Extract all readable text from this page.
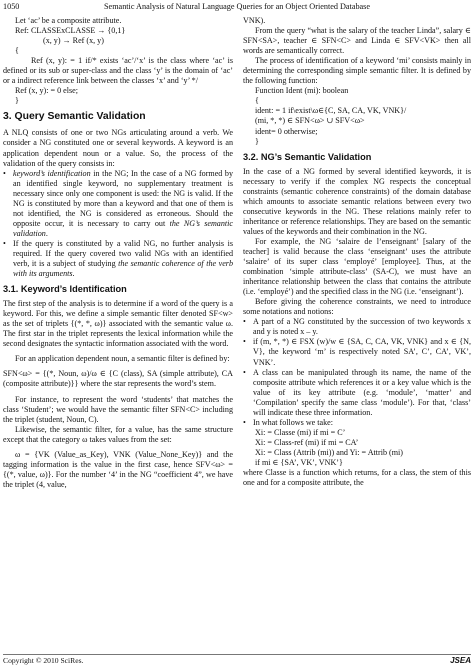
1050	Semantic Analysis of Natural Language Queries for an Object Oriented Database

Let ‘ac’ be a composite attribute.

Ref: CLASSExCLASSE → {0,1}

(x, y) → Ref (x, y)

{

Ref (x, y): = 1 if/* exists ‘ac’/‘x’ is the class where ‘ac’ is defined or its sub or super-class and the class ‘y’ is the domain of ‘ac’ or a indirect reference link between the classes ‘x’ and ‘y’ */

Ref (x, y): = 0 else;

}

3. Query Semantic Validation

A NLQ consists of one or two NGs articulating around a verb. We consider a NG constituted one or several keywords. A keyword is an application dependent noun or a value. So, the process of the validation of the query consists in:

• keyword’s identification in the NG; In the case of a NG formed by an identified single keyword, no supplementary treatment is necessary since only one component is used: the NG is valid. If the NG is constituted by more than a keyword and that one of them is not identified, the NG is considered as erroneous. Should the opposite occur, it is necessary to carry out the NG’s semantic validation.
• If the query is constituted by a valid NG, no further analysis is required. If the query covered two valid NGs with an identified verb, it is a subject of studying the semantic coherence of the verb with its arguments.
3.1. Keyword’s Identification

The first step of the analysis is to determine if a word of the query is a keyword. For this, we define a simple semantic filter denoted SF<w> as the set of triplets {(*, *, ω)} associated with the semantic value ω. The first star in the triplet represents the lexical information while the second designates the syntactic information associated with the word.

For an application dependent noun, a semantic filter is defined by:

SFN<ω> = {(*, Noun, ω)/ω ∈ {C (class), SA (simple attribute), CA (composite attribute)}} where the star represents the word’s stem.

For instance, to represent the word ‘students’ that matches the class ‘Student’; we would have the semantic filter SFN<C> including the triplet (student, Noun, C).

Likewise, the semantic filter, for a value, has the same structure except that the category ω takes values from the set:

ω = {VK (Value_as_Key), VNK (Value_None_Key)} and the tagging information is the value in the first case, hence SFV<ω> = {(*, value, ω)}. For the number ‘4’ in the NG “coefficient 4”, we have the triplet (4, value,

VNK).

From the query “what is the salary of the teacher Linda”, salary ∈ SFN<SA>, teacher ∈ SFN<C> and Linda ∈ SFV<VK> then all words are semantically correct.

The process of identification of a keyword ‘mi’ consists mainly in determining the corresponding simple semantic filter. It is defined by the following function:

Function Ident (mi): boolean

{

ident: = 1 if\exist\ω∈{C, SA, CA, VK, VNK}/

(mi, *, *) ∈ SFN<ω> ∪ SFV<ω>

ident= 0 otherwise;

}

3.2. NG’s Semantic Validation

In the case of a NG formed by several identified keywords, it is necessary to verify if the complex NG respects the conceptual constraints (semantic coherence constraints) of the domain database which amounts to associate semantic relations between every two consecutive keywords in the NG. These relations mainly refer to inheritance or reference relationships. They are based on the semantic values of the keywords and their combination in the NG.

For example, the NG ‘salaire de l’enseignant’ [salary of the teacher] is valid because the class ‘enseignant’ uses the attribute ‘salaire’ of its super class ‘employé’ [employee]. Thus, at the combination ‘simple attribute-class’ (SA-C), we must have an inheritance relationship between the class that contains the attribute (i.e. ‘employé’) and the specified class in the NG (i.e. ‘enseignant’).

Before giving the coherence constraints, we need to introduce some notations and notions:

• A part of a NG constituted by the succession of two keywords x and y is noted x – y.
• if (m, *, *) ∈ FSX (w)/w ∈ {SA, C, CA, VK, VNK} and x ∈ {N, V}, the keyword ‘m’ is respectively noted SA’, C’, CA’, VK’, VNK’.
• A class can be manipulated through its name, the name of the composite attribute which references it or a key value which is the value of its key attribute (e.g. ‘module’, ‘matter’ and ‘Compilation’ specify the same class ‘module’). For that, ‘class’ will indicate these three information.
• In what follows we take:

Xi: = Classe (mi) if mi = C’

Xi: = Class-ref (mi) if mi = CA’

Xi: = Class (Attrib (mi)) and Yi: = Attrib (mi)

if mi ∈ {SA’, VK’, VNK’}

where Classe is a function which returns, for a class, the stem of this one and for a composite attribute, the

Copyright © 2010 SciRes.	JSEA
